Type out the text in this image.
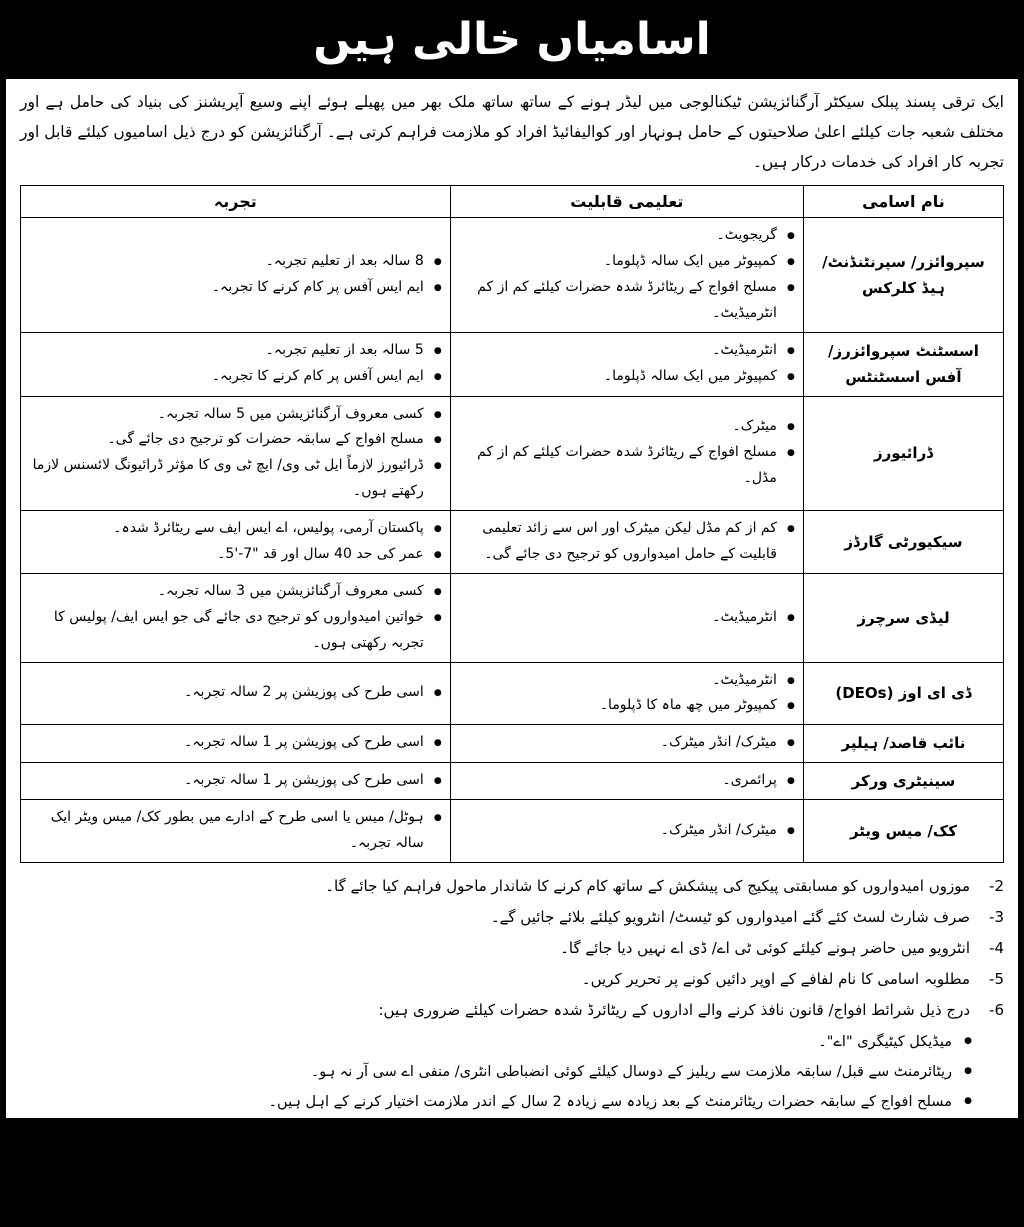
اسامیاں خالی ہیں
ایک ترقی پسند پبلک سیکٹر آرگنائزیشن ٹیکنالوجی میں لیڈر ہونے کے ساتھ ساتھ ملک بھر میں پھیلے ہوئے اپنے وسیع آپریشنز کی بنیاد کی حامل ہے اور مختلف شعبہ جات کیلئے اعلیٰ صلاحیتوں کے حامل ہونہار اور کوالیفائیڈ افراد کو ملازمت فراہم کرتی ہے۔ آرگنائزیشن کو درج ذیل اسامیوں کیلئے قابل اور تجربہ کار افراد کی خدمات درکار ہیں۔
نام اسامی	تعلیمی قابلیت	تجربہ
سپروائزر/ سپرنٹنڈنٹ/ ہیڈ کلرکس	
● گریجویٹ۔
● کمپیوٹر میں ایک سالہ ڈپلوما۔
● مسلح افواج کے ریٹائرڈ شدہ حضرات کیلئے کم از کم انٹرمیڈیٹ۔

● 8 سالہ بعد از تعلیم تجربہ۔
● ایم ایس آفس پر کام کرنے کا تجربہ۔

اسسٹنٹ سپروائزرز/ آفس اسسٹنٹس	
● انٹرمیڈیٹ۔
● کمپیوٹر میں ایک سالہ ڈپلوما۔

● 5 سالہ بعد از تعلیم تجربہ۔
● ایم ایس آفس پر کام کرنے کا تجربہ۔

ڈرائیورز	
● میٹرک۔
● مسلح افواج کے ریٹائرڈ شدہ حضرات کیلئے کم از کم مڈل۔

● کسی معروف آرگنائزیشن میں 5 سالہ تجربہ۔
● مسلح افواج کے سابقہ حضرات کو ترجیح دی جائے گی۔
● ڈرائیورز لازماً ایل ٹی وی/ ایچ ٹی وی کا مؤثر ڈرائیونگ لائسنس لازما رکھتے ہوں۔

سیکیورٹی گارڈز	
● کم از کم مڈل لیکن میٹرک اور اس سے زائد تعلیمی قابلیت کے حامل امیدواروں کو ترجیح دی جائے گی۔

● پاکستان آرمی، پولیس، اے ایس ایف سے ریٹائرڈ شدہ۔
● عمر کی حد 40 سال اور قد "7-'5۔

لیڈی سرچرز	
● انٹرمیڈیٹ۔

● کسی معروف آرگنائزیشن میں 3 سالہ تجربہ۔
● خواتین امیدواروں کو ترجیح دی جائے گی جو ایس ایف/ پولیس کا تجربہ رکھتی ہوں۔

ڈی ای اوز (DEOs)	
● انٹرمیڈیٹ۔
● کمپیوٹر میں چھ ماہ کا ڈپلوما۔

● اسی طرح کی پوزیشن پر 2 سالہ تجربہ۔

نائب قاصد/ ہیلپر	
● میٹرک/ انڈر میٹرک۔

● اسی طرح کی پوزیشن پر 1 سالہ تجربہ۔

سینیٹری ورکر	
● پرائمری۔

● اسی طرح کی پوزیشن پر 1 سالہ تجربہ۔

کک/ میس ویٹر	
● میٹرک/ انڈر میٹرک۔

● ہوٹل/ میس یا اسی طرح کے ادارے میں بطور کک/ میس ویٹر ایک سالہ تجربہ۔
2-
موزوں امیدواروں کو مسابقتی پیکیج کی پیشکش کے ساتھ کام کرنے کا شاندار ماحول فراہم کیا جائے گا۔
3-
صرف شارٹ لسٹ کئے گئے امیدواروں کو ٹیسٹ/ انٹرویو کیلئے بلائے جائیں گے۔
4-
انٹرویو میں حاضر ہونے کیلئے کوئی ٹی اے/ ڈی اے نہیں دیا جائے گا۔
5-
مطلوبہ اسامی کا نام لفافے کے اوپر دائیں کونے پر تحریر کریں۔
6-
درج ذیل شرائط افواج/ قانون نافذ کرنے والے اداروں کے ریٹائرڈ شدہ حضرات کیلئے ضروری ہیں:
● میڈیکل کیٹیگری "اے"۔
● ریٹائرمنٹ سے قبل/ سابقہ ملازمت سے ریلیز کے دوسال کیلئے کوئی انضباطی انٹری/ منفی اے سی آر نہ ہو۔
● مسلح افواج کے سابقہ حضرات ریٹائرمنٹ کے بعد زیادہ سے زیادہ 2 سال کے اندر ملازمت اختیار کرنے کے اہل ہیں۔
7-
اگر آپ درج بالا تعلیمی قابلیت/ تجربے پر پورا اترتے ہیں تو براہ کرم اپنے سی وی (CV)، پاسپورٹ سائز تصویر، کمپیوٹرائزڈ قومی شناختی کارڈ اور تعلیمی اسناد کی تصدیق شدہ نقول بمع اعتبار کے ساتھ
پی۔ او بکس نمبر 3004، اسلام آباد پر 02 اکتوبر 2011 تک درخواست دیں۔
PID(I) No.1383/2011
